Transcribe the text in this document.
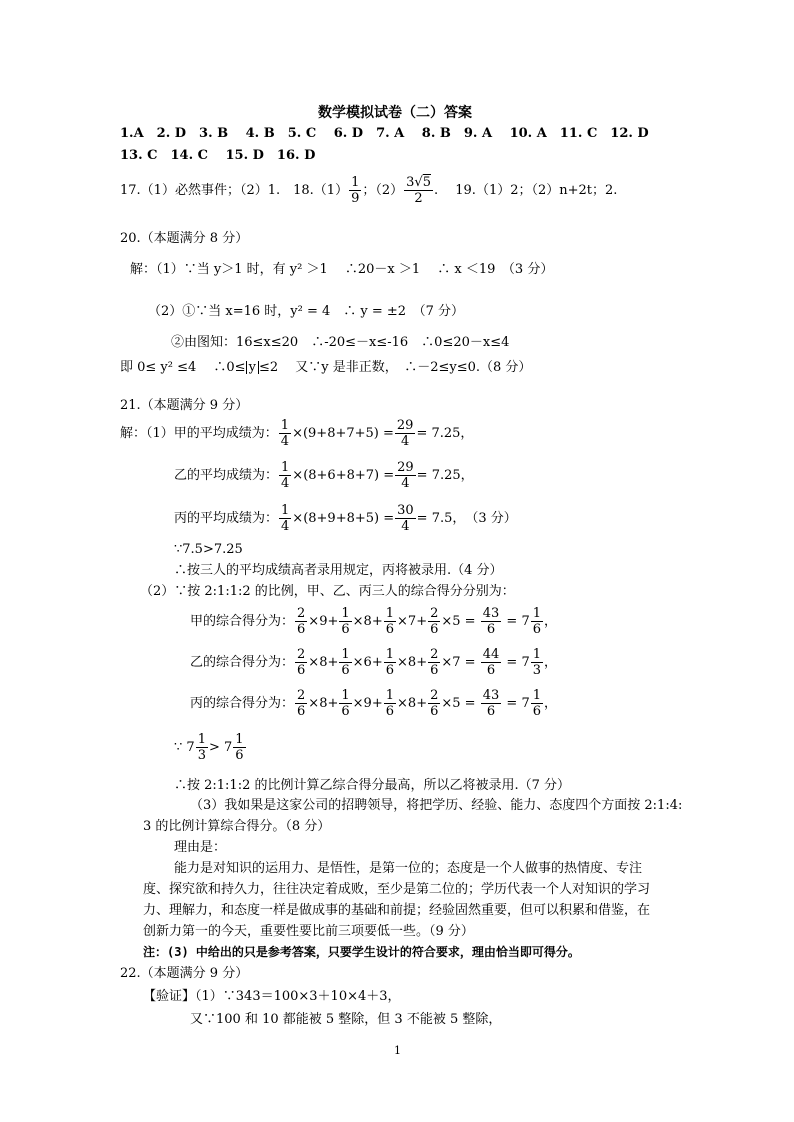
数学模拟试卷（二）答案
1.A　2. D　3. B　 4. B　5. C　 6. D　7. A　 8. B　9. A　 10. A　11. C　12. D
13. C　14. C　 15. D　16. D
17.（1）必然事件；（2）1.　$18.(1) \frac{1}{9}$ ；$(2) \frac{3√5}{2}$ .　 19.（1）2；（2）n+2t；2.
20.（本题满分 8 分）
解：（1）∵当 y＞1 时，有 y² ＞1　 ∴20－x ＞1　 ∴ x ＜19　（3 分）
（2）①∵当 x=16 时，y² = 4　∴ y = ±2　（7 分）
②由图知：16≤x≤20　∴-20≤－x≤-16　∴0≤20－x≤4
即 0≤ y² ≤4　 ∴0≤ y ≤2　 又∵y 是非正数，　∴－2≤y≤0.（8 分）
21.（本题满分 9 分）
解：（1）甲的平均成绩为： $\frac{1}{4} \times(9+8+7+5) = \frac{29}{4} = 7.25$，
乙的平均成绩为： $\frac{1}{4} \times(8+6+8+7) = \frac{29}{4} = 7.25$，
丙的平均成绩为： $\frac{1}{4} \times(8+9+8+5) = \frac{30}{4} = 7.5$，　（3 分）
∵7.5>7.25
∴按三人的平均成绩高者录用规定，丙将被录用.（4 分）
（2）∵按 2:1:1:2 的比例，甲、乙、丙三人的综合得分分别为：
甲的综合得分为： $\frac{2}{6} \times 9 + \frac{1}{6} \times 8 + \frac{1}{6} \times 7 + \frac{2}{6} \times 5 = \frac{43}{6} = 7 \frac{1}{6}$ ，
乙的综合得分为： $\frac{2}{6} \times 8 + \frac{1}{6} \times 6 + \frac{1}{6} \times 8 + \frac{2}{6} \times 7 = \frac{44}{6} = 7 \frac{1}{3}$ ，
丙的综合得分为： $\frac{2}{6} \times 8 + \frac{1}{6} \times 9 + \frac{1}{6} \times 8 + \frac{2}{6} \times 5 = \frac{43}{6} = 7 \frac{1}{6}$ ，
∵ $7 \frac{1}{3} > 7 \frac{1}{6}$
∴按 2:1:1:2 的比例计算乙综合得分最高，所以乙将被录用.（7 分）
（3）我如果是这家公司的招聘领导，将把学历、经验、能力、态度四个方面按 2:1:4:
3 的比例计算综合得分。（8 分）
理由是：
能力是对知识的运用力、是悟性，是第一位的；态度是一个人做事的热情度、专注
度、探究欲和持久力，往往决定着成败，至少是第二位的；学历代表一个人对知识的学习
力、理解力，和态度一样是做成事的基础和前提；经验固然重要，但可以积累和借鉴，在
创新力第一的今天，重要性要比前三项要低一些。（9 分）
注：(3) 中给出的只是参考答案，只要学生设计的符合要求，理由恰当即可得分。
22.（本题满分 9 分）
【验证】（1）∵343＝100×3＋10×4＋3，
又∵100 和 10 都能被 5 整除，但 3 不能被 5 整除，
1
